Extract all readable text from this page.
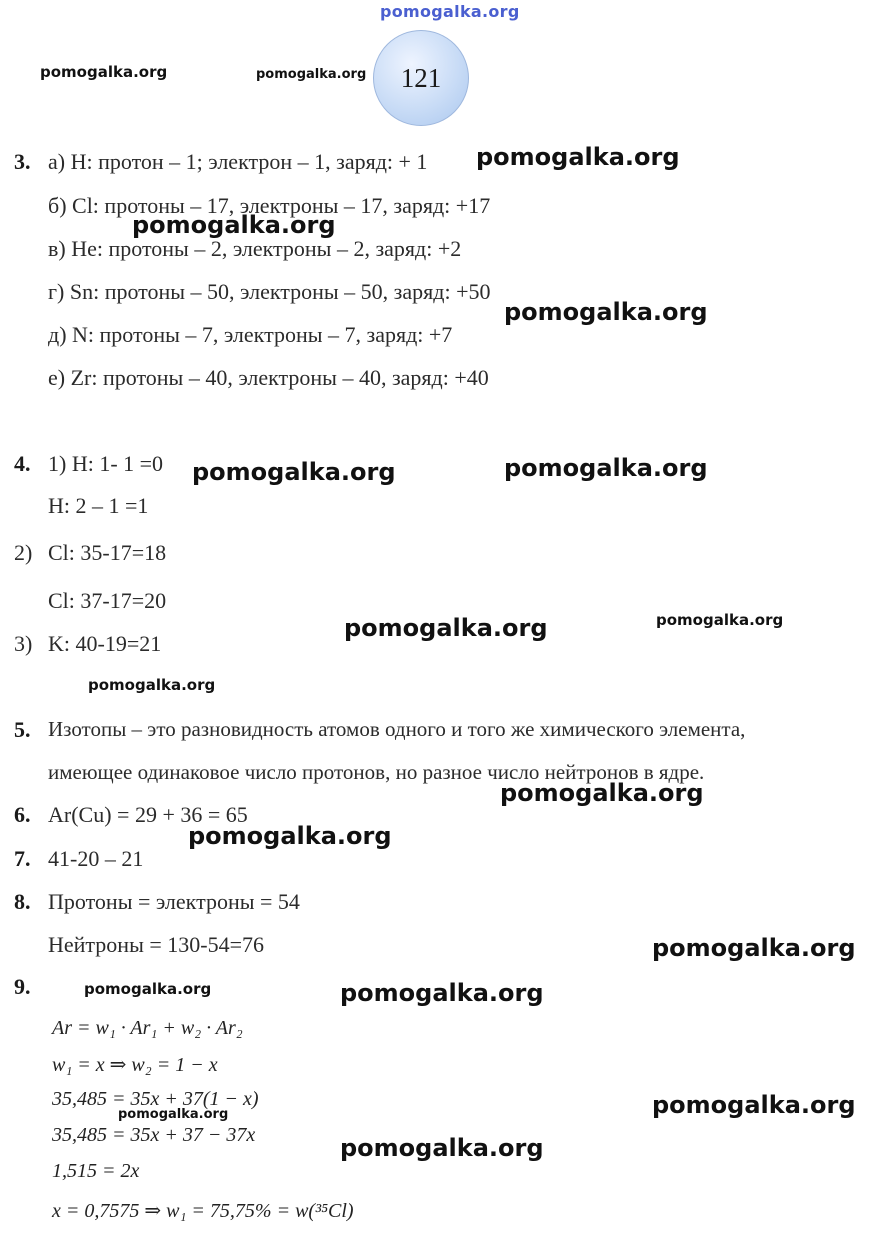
pomogalka.org
pomogalka.org	pomogalka.org 121
3. а) H: протон – 1; электрон – 1, заряд: + 1
б) Cl: протоны – 17, электроны – 17, заряд: +17
в) He: протоны – 2, электроны – 2, заряд: +2
г) Sn: протоны – 50, электроны – 50, заряд: +50
д) N: протоны – 7, электроны – 7, заряд: +7
е) Zr: протоны – 40, электроны – 40, заряд: +40
pomogalka.org
pomogalka.org
pomogalka.org
4. 1) H: 1- 1 =0
H: 2 – 1 =1
2) Cl: 35-17=18
Cl: 37-17=20
3) K: 40-19=21
pomogalka.org	pomogalka.org
pomogalka.org	pomogalka.org
pomogalka.org
5. Изотопы – это разновидность атомов одного и того же химического элемента,
имеющее одинаковое число протонов, но разное число нейтронов в ядре.
pomogalka.org
6. Ar(Cu) = 29 + 36 = 65
pomogalka.org
7. 41-20 – 21
8. Протоны = электроны = 54
Нейтроны = 130-54=76	pomogalka.org
9.	pomogalka.org	pomogalka.org
Ar = w₁ · Ar₁ + w₂ · Ar₂
w₁ = x ⇒ w₂ = 1 − x
35,485 = 35x + 37(1 − x)
35,485 = 35x + 37 − 37x
1,515 = 2x
x = 0,7575 ⇒ w₁ = 75,75% = w(³⁵Cl)
pomogalka.org	pomogalka.org
pomogalka.org
